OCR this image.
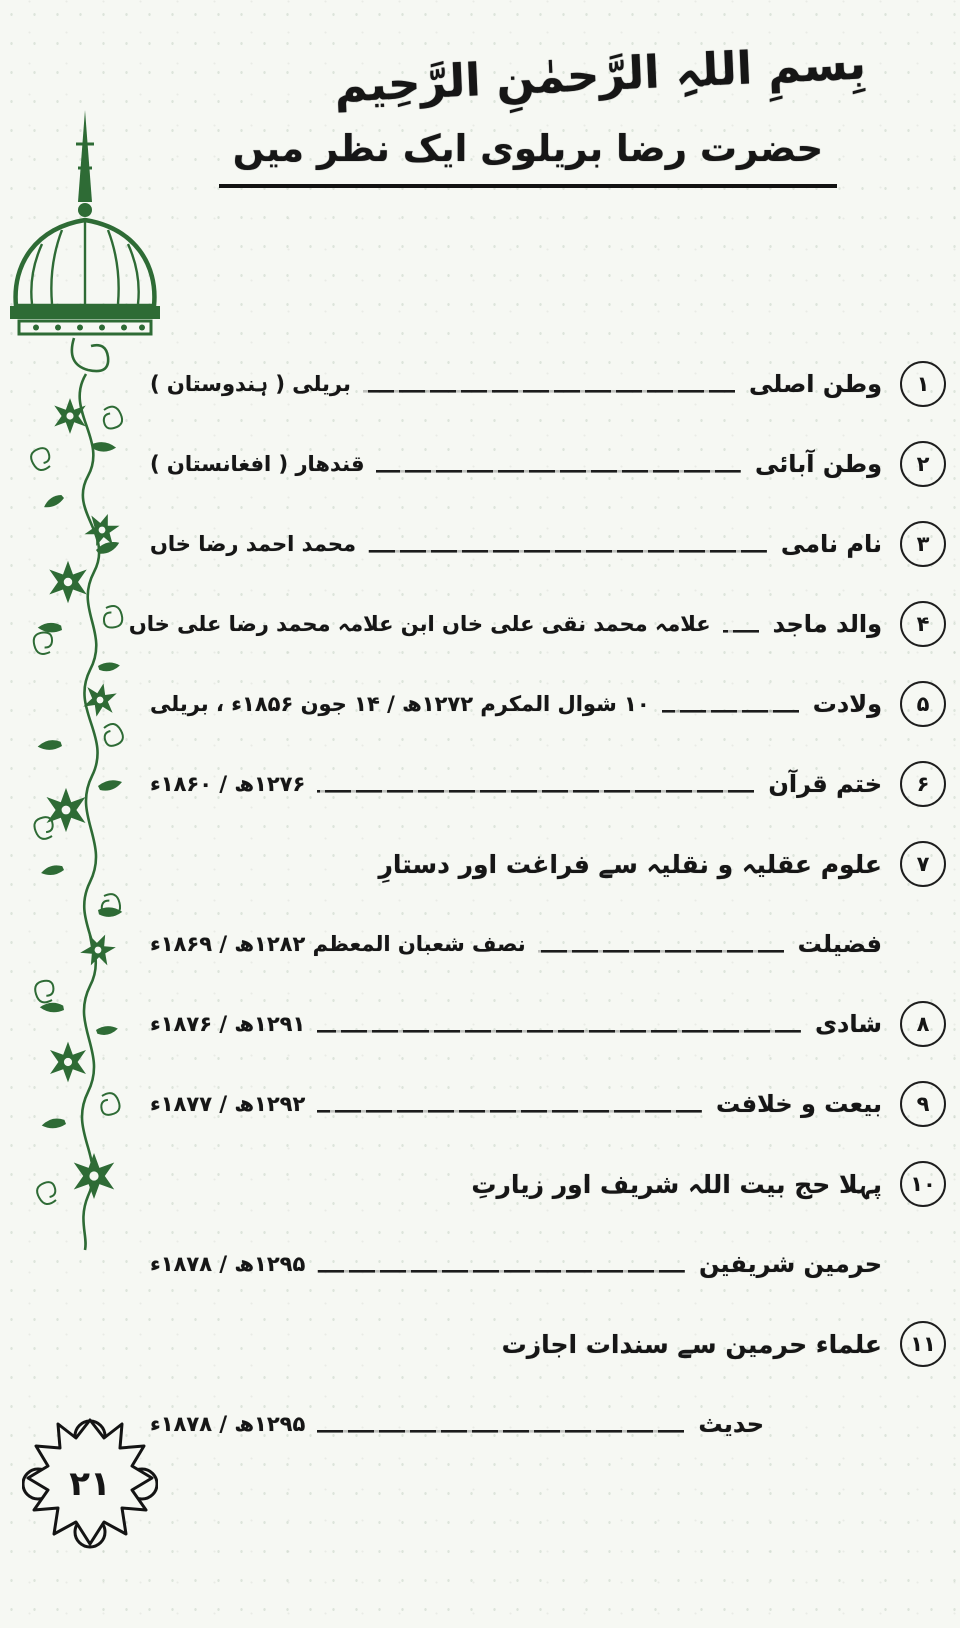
۲۱
بِسمِ اللہِ الرَّحمٰنِ الرَّحِیم
حضرت رضا بریلوی ایک نظر میں
۱
وطن اصلی
بریلی ( ہندوستان )
۲
وطن آبائی
قندھار ( افغانستان )
۳
نام نامی
محمد احمد رضا خاں
۴
والد ماجد
علامہ محمد نقی علی خاں ابن علامہ محمد رضا علی خاں
۵
ولادت
۱۰ شوال المکرم ۱۲۷۲ھ / ۱۴ جون ۱۸۵۶ء ، بریلی
۶
ختم قرآن
۱۲۷۶ھ / ۱۸۶۰ء
۷
علوم عقلیہ و نقلیہ سے فراغت اور دستارِ
فضیلت
نصف شعبان المعظم ۱۲۸۲ھ / ۱۸۶۹ء
۸
شادی
۱۲۹۱ھ / ۱۸۷۶ء
۹
بیعت و خلافت
۱۲۹۲ھ / ۱۸۷۷ء
۱۰
پہلا حج بیت اللہ شریف اور زیارتِ
حرمین شریفین
۱۲۹۵ھ / ۱۸۷۸ء
۱۱
علماء حرمین سے سندات اجازت
حدیث
۱۲۹۵ھ / ۱۸۷۸ء
